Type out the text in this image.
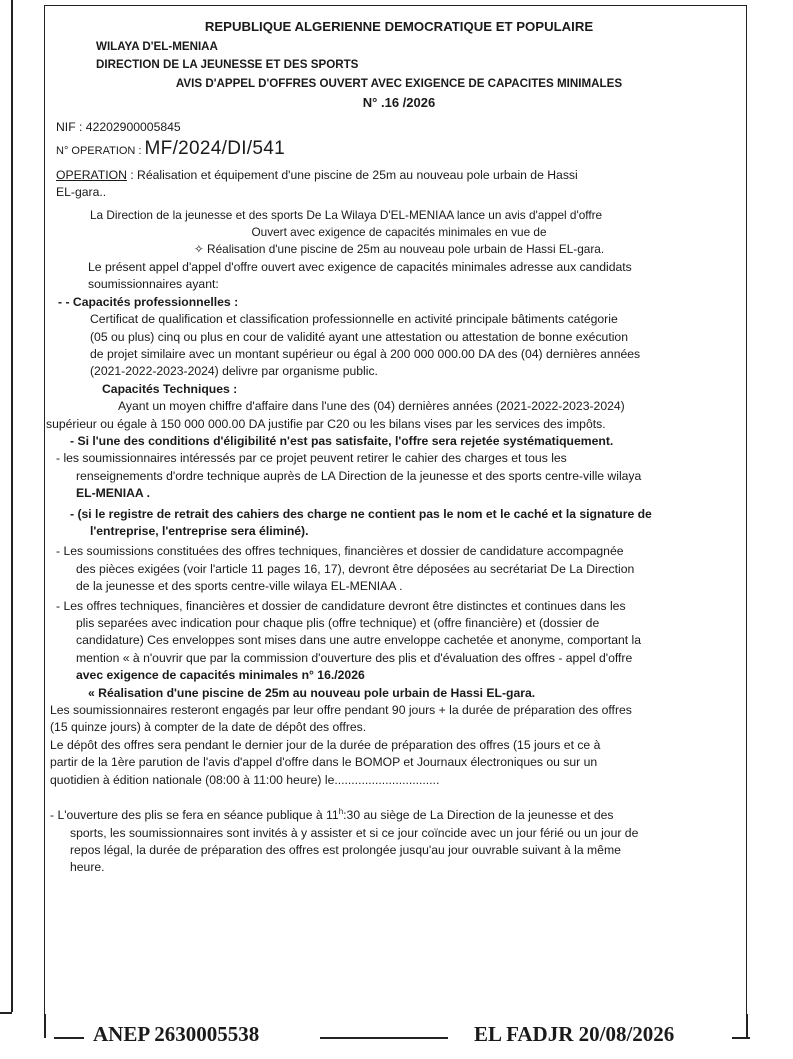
REPUBLIQUE ALGERIENNE DEMOCRATIQUE ET POPULAIRE
WILAYA D'EL-MENIAA
DIRECTION DE LA JEUNESSE ET DES SPORTS
AVIS D'APPEL D'OFFRES OUVERT AVEC EXIGENCE DE CAPACITES MINIMALES
N° .16 /2026
NIF : 42202900005845
N° OPERATION : MF/2024/DI/541
OPERATION : Réalisation et équipement d'une piscine de 25m au nouveau pole urbain de Hassi
EL-gara..
La Direction de la jeunesse et des sports De La Wilaya D'EL-MENIAA lance un avis d'appel d'offre
Ouvert avec exigence de capacités minimales en vue de
✧ Réalisation d'une piscine de 25m au nouveau pole urbain de Hassi EL-gara.
Le présent appel d'appel d'offre ouvert avec exigence de capacités minimales adresse aux candidats
soumissionnaires ayant:
- - Capacités professionnelles :
Certificat de qualification et classification professionnelle en activité principale bâtiments catégorie
(05 ou plus) cinq ou plus en cour de validité ayant une attestation ou attestation de bonne exécution
de projet similaire avec un montant supérieur ou égal à 200 000 000.00 DA des (04) dernières années
(2021-2022-2023-2024) delivre par organisme public.
Capacités Techniques :
Ayant un moyen chiffre d'affaire dans l'une des (04) dernières années (2021-2022-2023-2024)
supérieur ou égale à 150 000 000.00 DA justifie par C20 ou les bilans vises par les services des impôts.
- Si l'une des conditions d'éligibilité n'est pas satisfaite, l'offre sera rejetée systématiquement.
- les soumissionnaires intéressés par ce projet peuvent retirer le cahier des charges et tous les
renseignements d'ordre technique auprès de LA Direction de la jeunesse et des sports centre-ville wilaya
EL-MENIAA .
- (si le registre de retrait des cahiers des charge ne contient pas le nom et le caché et la signature de
l'entreprise, l'entreprise sera éliminé).
- Les soumissions constituées des offres techniques, financières et dossier de candidature accompagnée
des pièces exigées (voir l'article 11 pages 16, 17), devront être déposées au secrétariat De La Direction
de la jeunesse et des sports centre-ville wilaya EL-MENIAA .
- Les offres techniques, financières et dossier de candidature devront être distinctes et continues dans les
plis separées avec indication pour chaque plis (offre technique) et (offre financière) et (dossier de
candidature) Ces enveloppes sont mises dans une autre enveloppe cachetée et anonyme, comportant la
mention « à n'ouvrir que par la commission d'ouverture des plis et d'évaluation des offres - appel d'offre
avec exigence de capacités minimales n° 16./2026
« Réalisation d'une piscine de 25m au nouveau pole urbain de Hassi EL-gara.
Les soumissionnaires resteront engagés par leur offre pendant 90 jours + la durée de préparation des offres
(15 quinze jours) à compter de la date de dépôt des offres.
Le dépôt des offres sera pendant le dernier jour de la durée de préparation des offres (15 jours et ce à
partir de la 1ère parution de l'avis d'appel d'offre dans le BOMOP et Journaux électroniques ou sur un
quotidien à édition nationale (08:00 à 11:00 heure) le...............................
- L'ouverture des plis se fera en séance publique à 11$^h$:30 au siège de La Direction de la jeunesse et des
sports, les soumissionnaires sont invités à y assister et si ce jour coïncide avec un jour férié ou un jour de
repos légal, la durée de préparation des offres est prolongée jusqu'au jour ouvrable suivant à la même
heure.
ANEP 2630005538	EL FADJR 20/08/2026
